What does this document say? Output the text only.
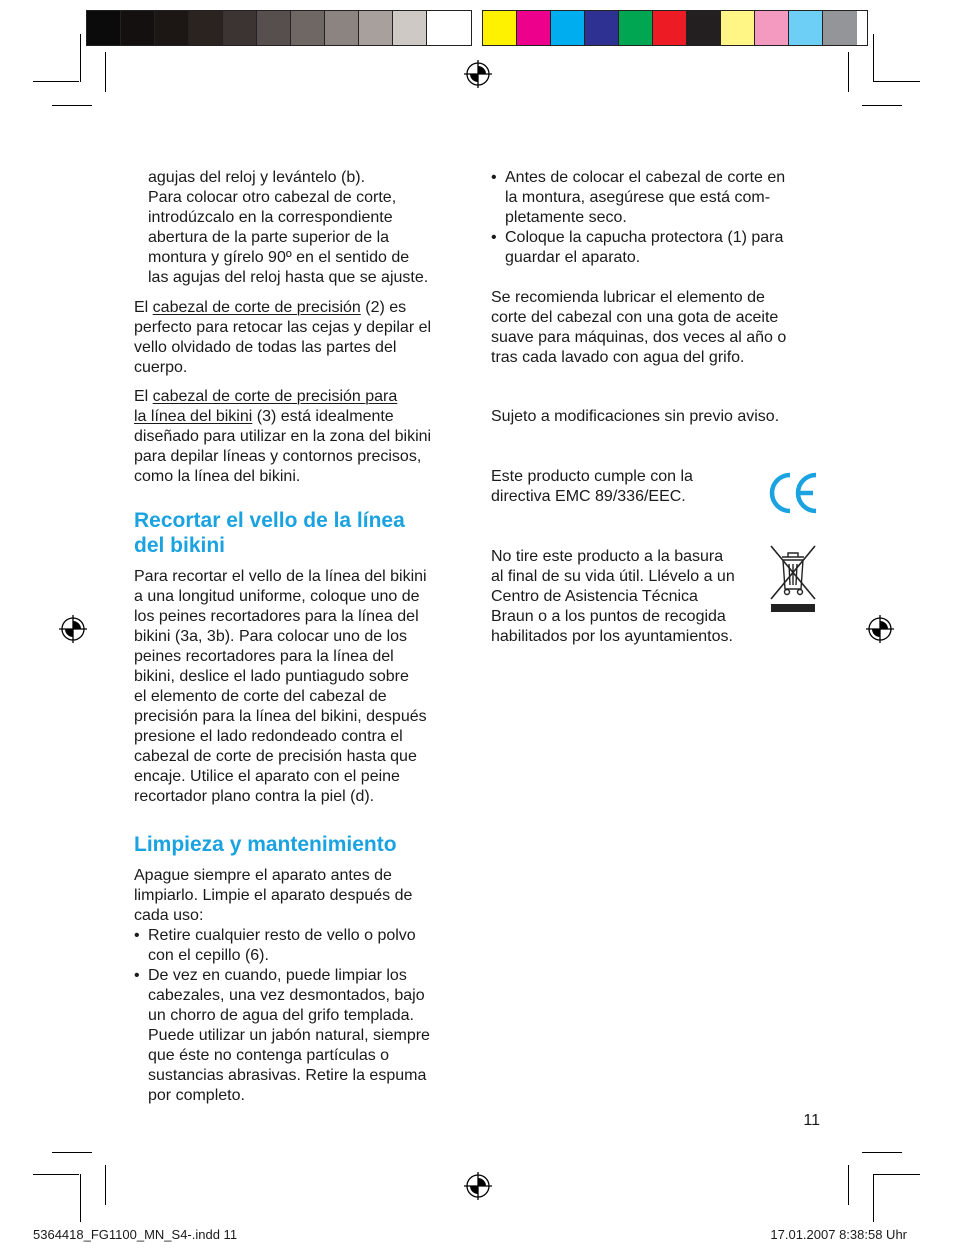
agujas del reloj y levántelo (b).

Para colocar otro cabezal de corte,

introdúzcalo en la correspondiente

abertura de la parte superior de la

montura y gírelo 90º en el sentido de

las agujas del reloj hasta que se ajuste.

El cabezal de corte de precisión (2) es

perfecto para retocar las cejas y depilar el

vello olvidado de todas las partes del

cuerpo.

El cabezal de corte de precisión para

la línea del bikini (3) está idealmente

diseñado para utilizar en la zona del bikini

para depilar líneas y contornos precisos,

como la línea del bikini.

Recortar el vello de la línea
del bikini

Para recortar el vello de la línea del bikini

a una longitud uniforme, coloque uno de

los peines recortadores para la línea del

bikini (3a, 3b). Para colocar uno de los

peines recortadores para la línea del

bikini, deslice el lado puntiagudo sobre

el elemento de corte del cabezal de

precisión para la línea del bikini, después

presione el lado redondeado contra el

cabezal de corte de precisión hasta que

encaje. Utilice el aparato con el peine

recortador plano contra la piel (d).

Limpieza y mantenimiento

Apague siempre el aparato antes de

limpiarlo. Limpie el aparato después de

cada uso:

• Retire cualquier resto de vello o polvo

con el cepillo (6).

• De vez en cuando, puede limpiar los

cabezales, una vez desmontados, bajo

un chorro de agua del grifo templada.

Puede utilizar un jabón natural, siempre

que éste no contenga partículas o

sustancias abrasivas. Retire la espuma

por completo.

• Antes de colocar el cabezal de corte en

la montura, asegúrese que está com-

pletamente seco.

• Coloque la capucha protectora (1) para

guardar el aparato.

Se recomienda lubricar el elemento de

corte del cabezal con una gota de aceite

suave para máquinas, dos veces al año o

tras cada lavado con agua del grifo.

Sujeto a modificaciones sin previo aviso.

Este producto cumple con la

directiva EMC 89/336/EEC.

No tire este producto a la basura

al final de su vida útil. Llévelo a un

Centro de Asistencia Técnica

Braun o a los puntos de recogida

habilitados por los ayuntamientos.

11
5364418_FG1100_MN_S4-.indd 11	17.01.2007 8:38:58 Uhr
